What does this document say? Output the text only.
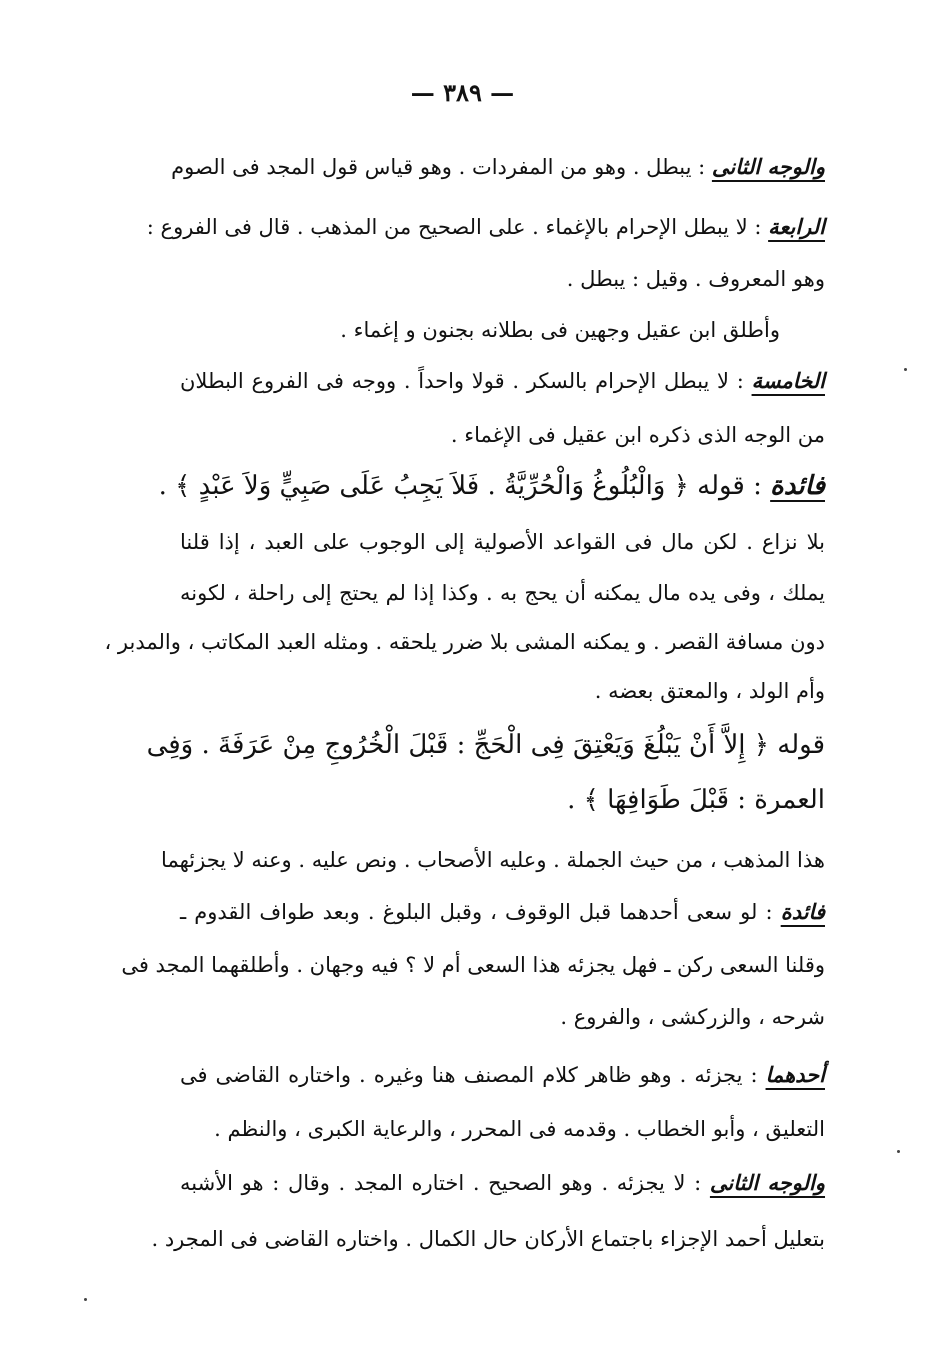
— ٣٨٩ —
والوجه الثانى : يبطل . وهو من المفردات . وهو قياس قول المجد فى الصوم
الرابعة : لا يبطل الإحرام بالإغماء . على الصحيح من المذهب . قال فى الفروع :
وهو المعروف . وقيل : يبطل .
وأطلق ابن عقيل وجهين فى بطلانه بجنون و إغماء .
الخامسة : لا يبطل الإحرام بالسكر . قولا واحداً . ووجه فى الفروع البطلان
من الوجه الذى ذكره ابن عقيل فى الإغماء .
فائدة : قوله ﴿ وَالْبُلُوغُ وَالْحُرِّيَّةُ . فَلاَ يَجِبُ عَلَى صَبِيٍّ وَلاَ عَبْدٍ ﴾ .
بلا نزاع . لكن مال فى القواعد الأصولية إلى الوجوب على العبد ، إذا قلنا
يملك ، وفى يده مال يمكنه أن يحج به . وكذا إذا لم يحتج إلى راحلة ، لكونه
دون مسافة القصر . و يمكنه المشى بلا ضرر يلحقه . ومثله العبد المكاتب ، والمدبر ،
وأم الولد ، والمعتق بعضه .
قوله ﴿ إِلاَّ أَنْ يَبْلُغَ وَيَعْتِقَ فِى الْحَجِّ : قَبْلَ الْخُرُوجِ مِنْ عَرَفَةَ . وَفِى
العمرة : قَبْلَ طَوَافِهَا ﴾ .
هذا المذهب ، من حيث الجملة . وعليه الأصحاب . ونص عليه . وعنه لا يجزئهما
فائدة : لو سعى أحدهما قبل الوقوف ، وقبل البلوغ . وبعد طواف القدوم ـ
وقلنا السعى ركن ـ فهل يجزئه هذا السعى أم لا ؟ فيه وجهان . وأطلقهما المجد فى
شرحه ، والزركشى ، والفروع .
أحدهما : يجزئه . وهو ظاهر كلام المصنف هنا وغيره . واختاره القاضى فى
التعليق ، وأبو الخطاب . وقدمه فى المحرر ، والرعاية الكبرى ، والنظم .
والوجه الثانى : لا يجزئه . وهو الصحيح . اختاره المجد . وقال : هو الأشبه
بتعليل أحمد الإجزاء باجتماع الأركان حال الكمال . واختاره القاضى فى المجرد .
